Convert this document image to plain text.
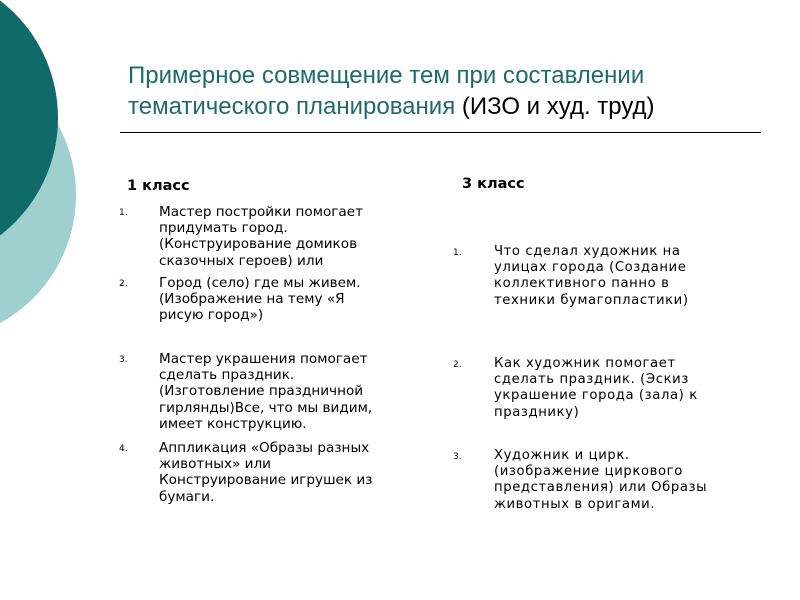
Примерное совмещение тем при составлении
тематического планирования (ИЗО и худ. труд)
1 класс	3 класс
1. Мастер постройки помогает
придумать город.
(Конструирование домиков
сказочных героев) или
2. Город (село) где мы живем.
(Изображение на тему «Я
рисую город»)
3. Мастер украшения помогает
сделать праздник.
(Изготовление праздничной
гирлянды)Все, что мы видим,
имеет конструкцию.
4. Аппликация «Образы разных
животных» или
Конструирование игрушек из
бумаги.
1. Что сделал художник на
улицах города (Создание
коллективного панно в
техники бумагопластики)
2. Как художник помогает
сделать праздник. (Эскиз
украшение города (зала) к
празднику)
3. Художник и цирк.
(изображение циркового
представления) или Образы
животных в оригами.
